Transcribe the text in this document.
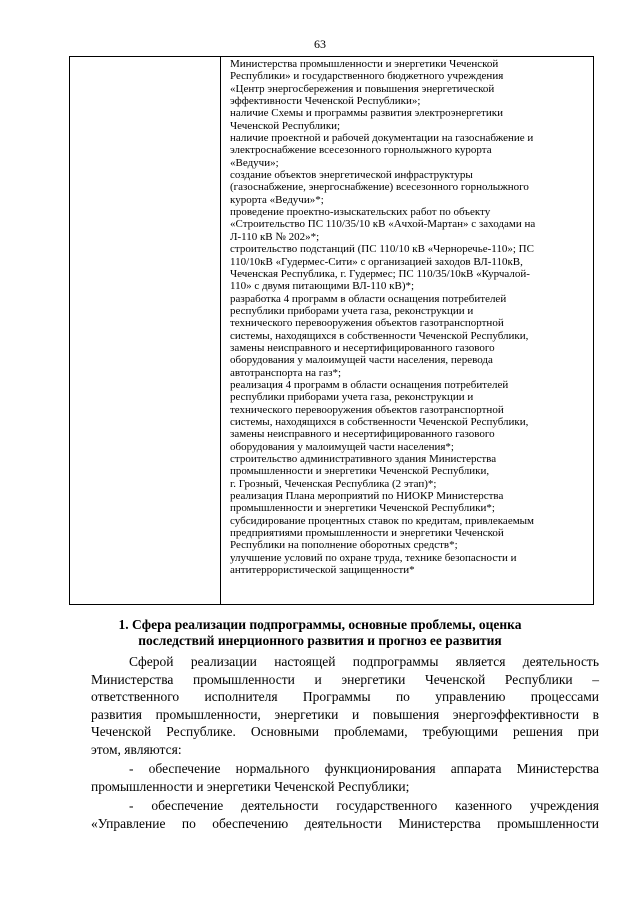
63
Министерства промышленности и энергетики Чеченской
Республики» и государственного бюджетного учреждения
«Центр энергосбережения и повышения энергетической
эффективности Чеченской Республики»;
наличие Схемы и программы развития электроэнергетики
Чеченской Республики;
наличие проектной и рабочей документации на газоснабжение и
электроснабжение всесезонного горнолыжного курорта
«Ведучи»;
создание объектов энергетической инфраструктуры
(газоснабжение, энергоснабжение) всесезонного горнолыжного
курорта «Ведучи»*;
проведение проектно-изыскательских работ по объекту
«Строительство ПС 110/35/10 кВ «Ачхой-Мартан» с заходами на
Л-110 кВ № 202»*;
строительство подстанций (ПС 110/10 кВ «Черноречье-110»; ПС
110/10кВ «Гудермес-Сити» с организацией заходов ВЛ-110кВ,
Чеченская Республика, г. Гудермес; ПС 110/35/10кВ «Курчалой-
110» с двумя питающими ВЛ-110 кВ)*;
разработка 4 программ в области оснащения потребителей
республики приборами учета газа, реконструкции и
технического перевооружения объектов газотранспортной
системы, находящихся в собственности Чеченской Республики,
замены неисправного и несертифицированного газового
оборудования у малоимущей части населения, перевода
автотранспорта на газ*;
реализация 4 программ в области оснащения потребителей
республики приборами учета газа, реконструкции и
технического перевооружения объектов газотранспортной
системы, находящихся в собственности Чеченской Республики,
замены неисправного и несертифицированного газового
оборудования у малоимущей части населения*;
строительство административного здания Министерства
промышленности и энергетики Чеченской Республики,
г. Грозный, Чеченская Республика (2 этап)*;
реализация Плана мероприятий по НИОКР Министерства
промышленности и энергетики Чеченской Республики*;
субсидирование процентных ставок по кредитам, привлекаемым
предприятиями промышленности и энергетики Чеченской
Республики на пополнение оборотных средств*;
улучшение условий по охране труда, технике безопасности и
антитеррористической защищенности*
1. Сфера реализации подпрограммы, основные проблемы, оценка
последствий инерционного развития и прогноз ее развития
Сферой реализации настоящей подпрограммы является деятельность
Министерства промышленности и энергетики Чеченской Республики –
ответственного исполнителя Программы по управлению процессами
развития промышленности, энергетики и повышения энергоэффективности в
Чеченской Республике. Основными проблемами, требующими решения при
этом, являются:
- обеспечение нормального функционирования аппарата Министерства
промышленности и энергетики Чеченской Республики;
- обеспечение деятельности государственного казенного учреждения
«Управление по обеспечению деятельности Министерства промышленности
